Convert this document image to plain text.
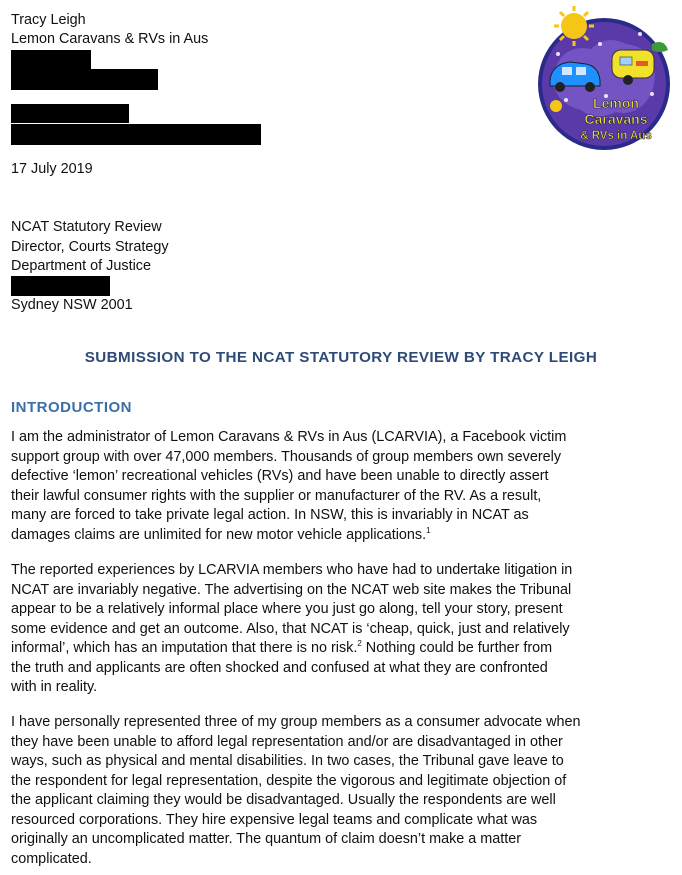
Tracy Leigh
Lemon Caravans & RVs in Aus
17 July 2019
NCAT Statutory Review
Director, Courts Strategy
Department of Justice
Sydney NSW 2001
Lemon
Caravans
& RVs in Aus
SUBMISSION TO THE NCAT STATUTORY REVIEW BY TRACY LEIGH
INTRODUCTION
I am the administrator of Lemon Caravans & RVs in Aus (LCARVIA), a Facebook victim
support group with over 47,000 members. Thousands of group members own severely
defective ‘lemon’ recreational vehicles (RVs) and have been unable to directly assert
their lawful consumer rights with the supplier or manufacturer of the RV. As a result,
many are forced to take private legal action. In NSW, this is invariably in NCAT as
damages claims are unlimited for new motor vehicle applications.$^1$
The reported experiences by LCARVIA members who have had to undertake litigation in
NCAT are invariably negative. The advertising on the NCAT web site makes the Tribunal
appear to be a relatively informal place where you just go along, tell your story, present
some evidence and get an outcome. Also, that NCAT is ‘cheap, quick, just and relatively
informal’, which has an imputation that there is no risk.$^2$ Nothing could be further from
the truth and applicants are often shocked and confused at what they are confronted
with in reality.
I have personally represented three of my group members as a consumer advocate when
they have been unable to afford legal representation and/or are disadvantaged in other
ways, such as physical and mental disabilities. In two cases, the Tribunal gave leave to
the respondent for legal representation, despite the vigorous and legitimate objection of
the applicant claiming they would be disadvantaged. Usually the respondents are well
resourced corporations. They hire expensive legal teams and complicate what was
originally an uncomplicated matter. The quantum of claim doesn’t make a matter
complicated.
